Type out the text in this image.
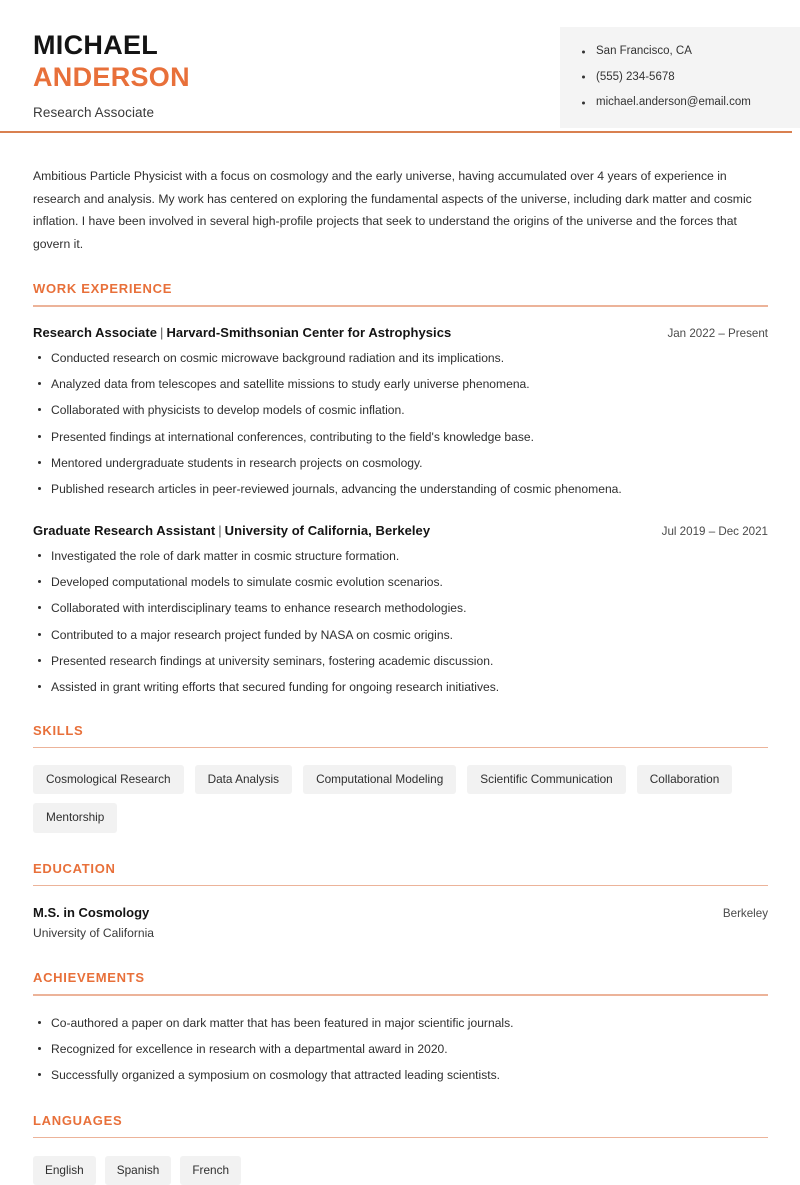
MICHAEL
ANDERSON
Research Associate
San Francisco, CA
(555) 234-5678
michael.anderson@email.com

Ambitious Particle Physicist with a focus on cosmology and the early universe, having accumulated over 4 years of experience in research and analysis. My work has centered on exploring the fundamental aspects of the universe, including dark matter and cosmic inflation. I have been involved in several high-profile projects that seek to understand the origins of the universe and the forces that govern it.

WORK EXPERIENCE
Research Associate | Harvard-Smithsonian Center for Astrophysics	Jan 2022 – Present
Conducted research on cosmic microwave background radiation and its implications.
Analyzed data from telescopes and satellite missions to study early universe phenomena.
Collaborated with physicists to develop models of cosmic inflation.
Presented findings at international conferences, contributing to the field's knowledge base.
Mentored undergraduate students in research projects on cosmology.
Published research articles in peer-reviewed journals, advancing the understanding of cosmic phenomena.
Graduate Research Assistant | University of California, Berkeley	Jul 2019 – Dec 2021
Investigated the role of dark matter in cosmic structure formation.
Developed computational models to simulate cosmic evolution scenarios.
Collaborated with interdisciplinary teams to enhance research methodologies.
Contributed to a major research project funded by NASA on cosmic origins.
Presented research findings at university seminars, fostering academic discussion.
Assisted in grant writing efforts that secured funding for ongoing research initiatives.
SKILLS
Cosmological Research	Data Analysis	Computational Modeling	Scientific Communication	Collaboration
Mentorship
EDUCATION
M.S. in Cosmology	Berkeley
University of California
ACHIEVEMENTS
Co-authored a paper on dark matter that has been featured in major scientific journals.
Recognized for excellence in research with a departmental award in 2020.
Successfully organized a symposium on cosmology that attracted leading scientists.
LANGUAGES
English	Spanish	French
